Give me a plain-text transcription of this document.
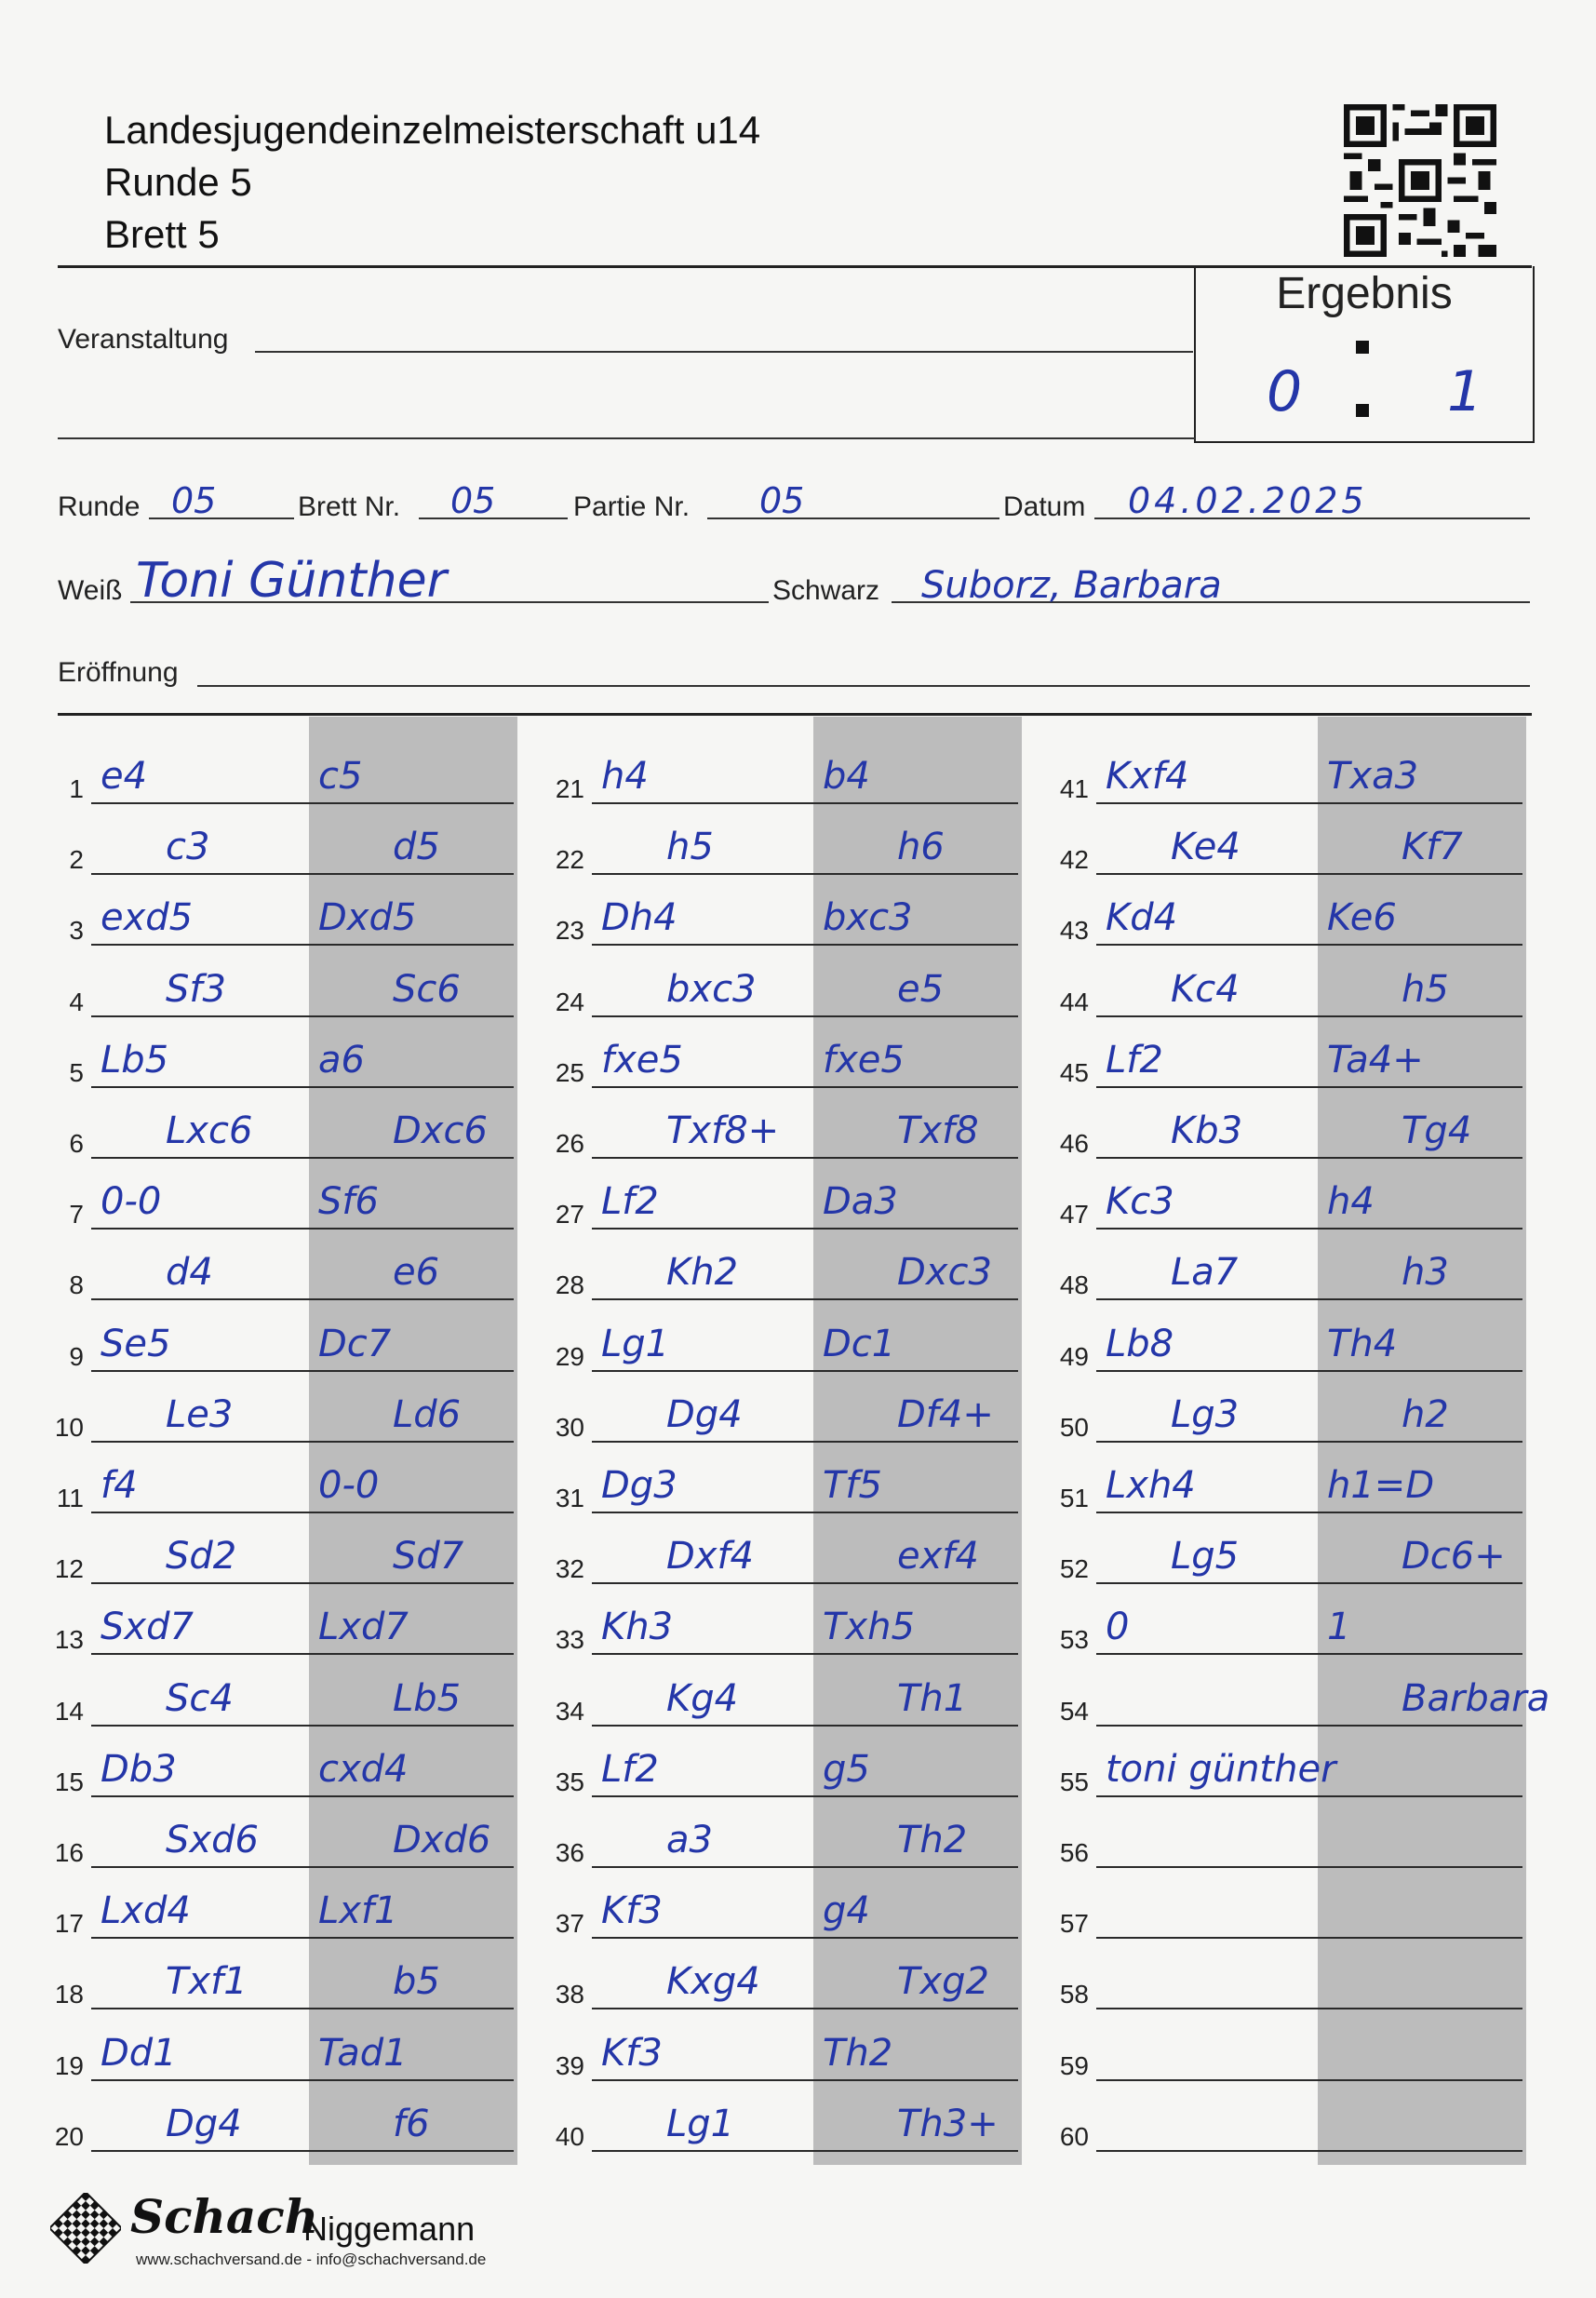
Landesjugendeinzelmeisterschaft u14
Runde 5
Brett 5
Ergebnis
0	1
Veranstaltung
Runde 05	Brett Nr. 05	Partie Nr. 05	Datum 04.02.2025
Weiß Toni Günther	Schwarz Suborz, Barbara
Eröffnung
1 e4	c5
2 c3	d5
3 exd5	Dxd5
4 Sf3	Sc6
5 Lb5	a6
6 Lxc6	Dxc6
7 0-0	Sf6
8 d4	e6
9 Se5	Dc7
10 Le3	Ld6
11 f4	0-0
12 Sd2	Sd7
13 Sxd7	Lxd7
14 Sc4	Lb5
15 Db3	cxd4
16 Sxd6	Dxd6
17 Lxd4	Lxf1
18 Txf1	b5
19 Dd1	Tad1
20 Dg4	f6
21 h4	b4
22 h5	h6
23 Dh4	bxc3
24 bxc3	e5
25 fxe5	fxe5
26 Txf8+	Txf8
27 Lf2	Da3
28 Kh2	Dxc3
29 Lg1	Dc1
30 Dg4	Df4+
31 Dg3	Tf5
32 Dxf4	exf4
33 Kh3	Txh5
34 Kg4	Th1
35 Lf2	g5
36 a3	Th2
37 Kf3	g4
38 Kxg4	Txg2
39 Kf3	Th2
40 Lg1	Th3+
41 Kxf4	Txa3
42 Ke4	Kf7
43 Kd4	Ke6
44 Kc4	h5
45 Lf2	Ta4+
46 Kb3	Tg4
47 Kc3	h4
48 La7	h3
49 Lb8	Th4
50 Lg3	h2
51 Lxh4	h1=D
52 Lg5	Dc6+
53 0	1
54	Barbara
55 toni günther
56
57
58
59
60
Schach
Niggemann
www.schachversand.de - info@schachversand.de
